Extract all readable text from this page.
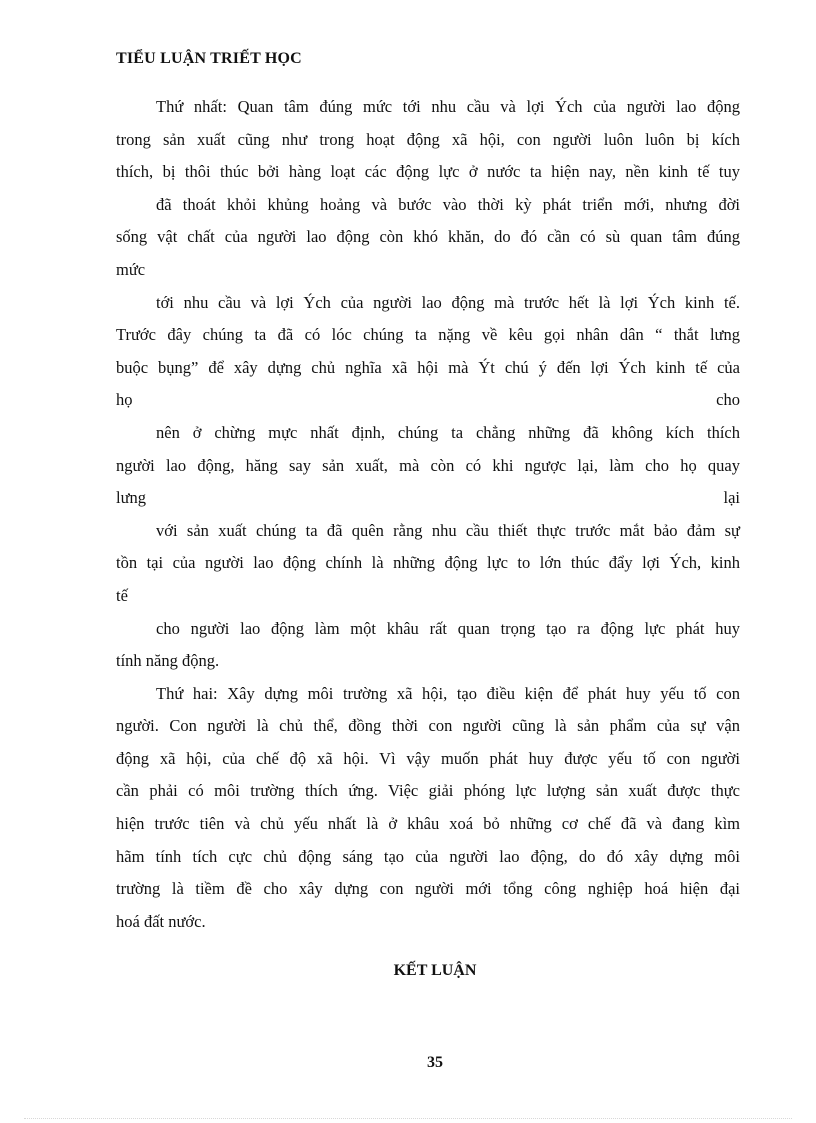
TIỂU LUẬN TRIẾT HỌC
Thứ nhất: Quan tâm đúng mức tới nhu cầu và lợi Ých của người lao động
trong sản xuất cũng như trong hoạt động xã hội, con người luôn luôn bị kích
thích, bị thôi thúc bởi hàng loạt các động lực ở nước ta hiện nay, nền kinh tế tuy
đã thoát khỏi khủng hoảng và bước vào thời kỳ phát triển mới, nhưng đời
sống vật chất của người lao động còn khó khăn, do đó cần có sù quan tâm đúng
mức
tới nhu cầu và lợi Ých của người lao động mà trước hết là lợi Ých kinh tế.
Trước đây chúng ta đã có lóc chúng ta nặng về kêu gọi nhân dân “ thắt lưng
buộc bụng” để xây dựng chủ nghĩa xã hội mà Ýt chú ý đến lợi Ých kinh tế của
họ cho
nên ở chừng mực nhất định, chúng ta chẳng những đã không kích thích
người lao động, hăng say sản xuất, mà còn có khi ngược lại, làm cho họ quay
lưng lại
với sản xuất chúng ta đã quên rằng nhu cầu thiết thực trước mắt bảo đảm sự
tồn tại của người lao động chính là những động lực to lớn thúc đẩy lợi Ých, kinh
tế
cho người lao động làm một khâu rất quan trọng tạo ra động lực phát huy
tính năng động.
Thứ hai: Xây dựng môi trường xã hội, tạo điều kiện để phát huy yếu tố con
người. Con người là chủ thể, đồng thời con người cũng là sản phẩm của sự vận
động xã hội, của chế độ xã hội. Vì vậy muốn phát huy được yếu tố con người
cần phải có môi trường thích ứng. Việc giải phóng lực lượng sản xuất được thực
hiện trước tiên và chủ yếu nhất là ở khâu xoá bỏ những cơ chế đã và đang kìm
hãm tính tích cực chủ động sáng tạo của người lao động, do đó xây dựng môi
trường là tiềm đề cho xây dựng con người mới tổng công nghiệp hoá hiện đại
hoá đất nước.
KẾT LUẬN
35
